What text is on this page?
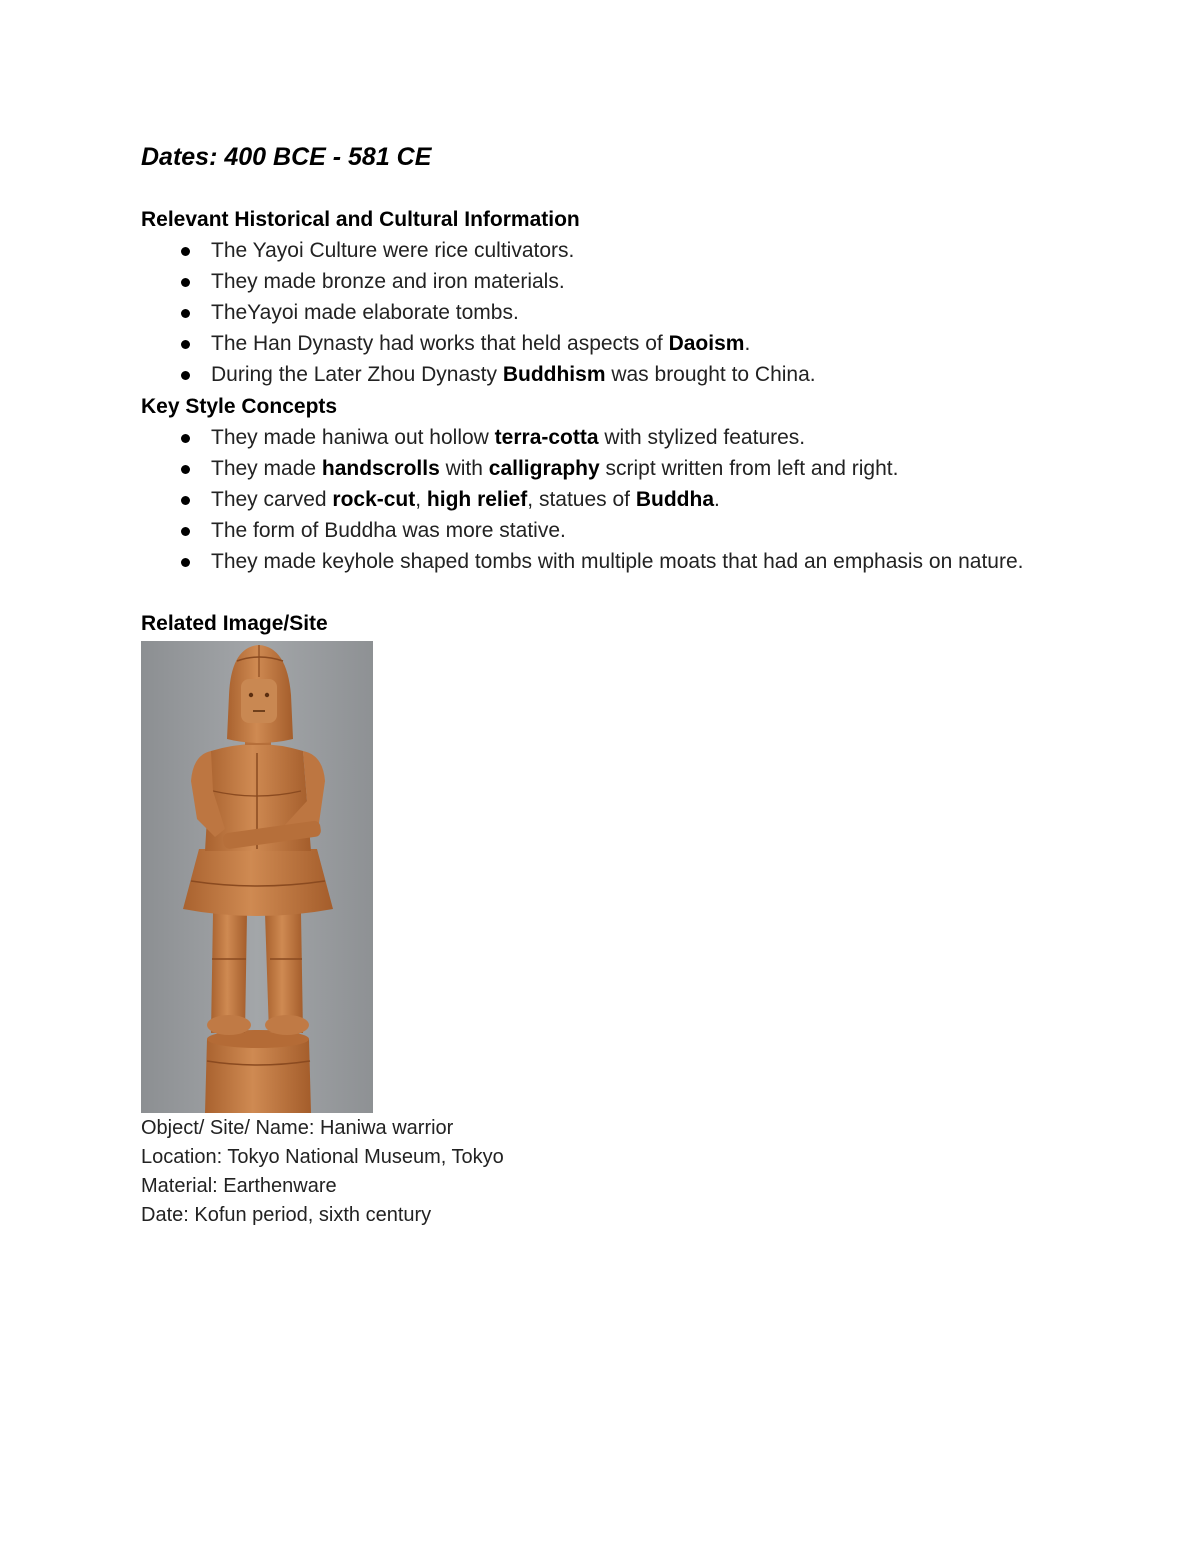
Dates: 400 BCE - 581 CE
Relevant Historical and Cultural Information
The Yayoi Culture were rice cultivators.
They made bronze and iron materials.
TheYayoi made elaborate tombs.
The Han Dynasty had works that held aspects of Daoism.
During the Later Zhou Dynasty Buddhism was brought to China.
Key Style Concepts
They made haniwa out hollow terra-cotta with stylized features.
They made handscrolls with calligraphy script written from left and right.
They carved rock-cut, high relief, statues of Buddha.
The form of Buddha was more stative.
They made keyhole shaped tombs with multiple moats that had an emphasis on nature.
Related Image/Site
Object/ Site/ Name: Haniwa warrior
Location: Tokyo National Museum, Tokyo
Material: Earthenware
Date: Kofun period, sixth century
